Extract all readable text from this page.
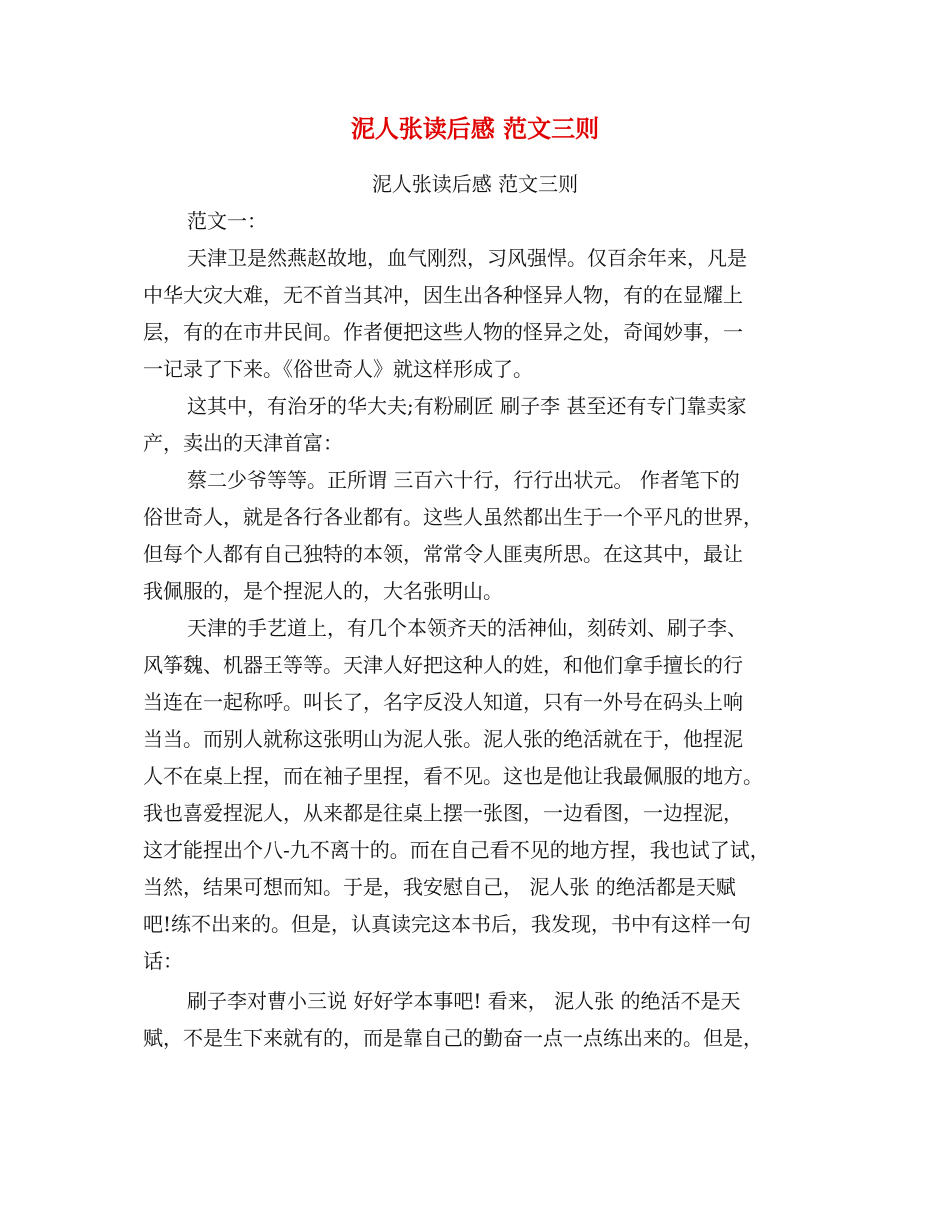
泥人张读后感 范文三则
泥人张读后感 范文三则
范文一：
天津卫是然燕赵故地，血气刚烈，习风强悍。仅百余年来，凡是
中华大灾大难，无不首当其冲，因生出各种怪异人物，有的在显耀上
层，有的在市井民间。作者便把这些人物的怪异之处，奇闻妙事，一
一记录了下来。《俗世奇人》就这样形成了。
这其中，有治牙的华大夫;有粉刷匠 刷子李 甚至还有专门靠卖家
产，卖出的天津首富：
蔡二少爷等等。正所谓 三百六十行，行行出状元。 作者笔下的
俗世奇人，就是各行各业都有。这些人虽然都出生于一个平凡的世界，
但每个人都有自己独特的本领，常常令人匪夷所思。在这其中，最让
我佩服的，是个捏泥人的，大名张明山。
天津的手艺道上，有几个本领齐天的活神仙，刻砖刘、刷子李、
风筝魏、机器王等等。天津人好把这种人的姓，和他们拿手擅长的行
当连在一起称呼。叫长了，名字反没人知道，只有一外号在码头上响
当当。而别人就称这张明山为泥人张。泥人张的绝活就在于，他捏泥
人不在桌上捏，而在袖子里捏，看不见。这也是他让我最佩服的地方。
我也喜爱捏泥人，从来都是往桌上摆一张图，一边看图，一边捏泥，
这才能捏出个八-九不离十的。而在自己看不见的地方捏，我也试了试，
当然，结果可想而知。于是，我安慰自己， 泥人张 的绝活都是天赋
吧!练不出来的。但是，认真读完这本书后，我发现，书中有这样一句
话：
刷子李对曹小三说 好好学本事吧! 看来， 泥人张 的绝活不是天
赋，不是生下来就有的，而是靠自己的勤奋一点一点练出来的。但是，
